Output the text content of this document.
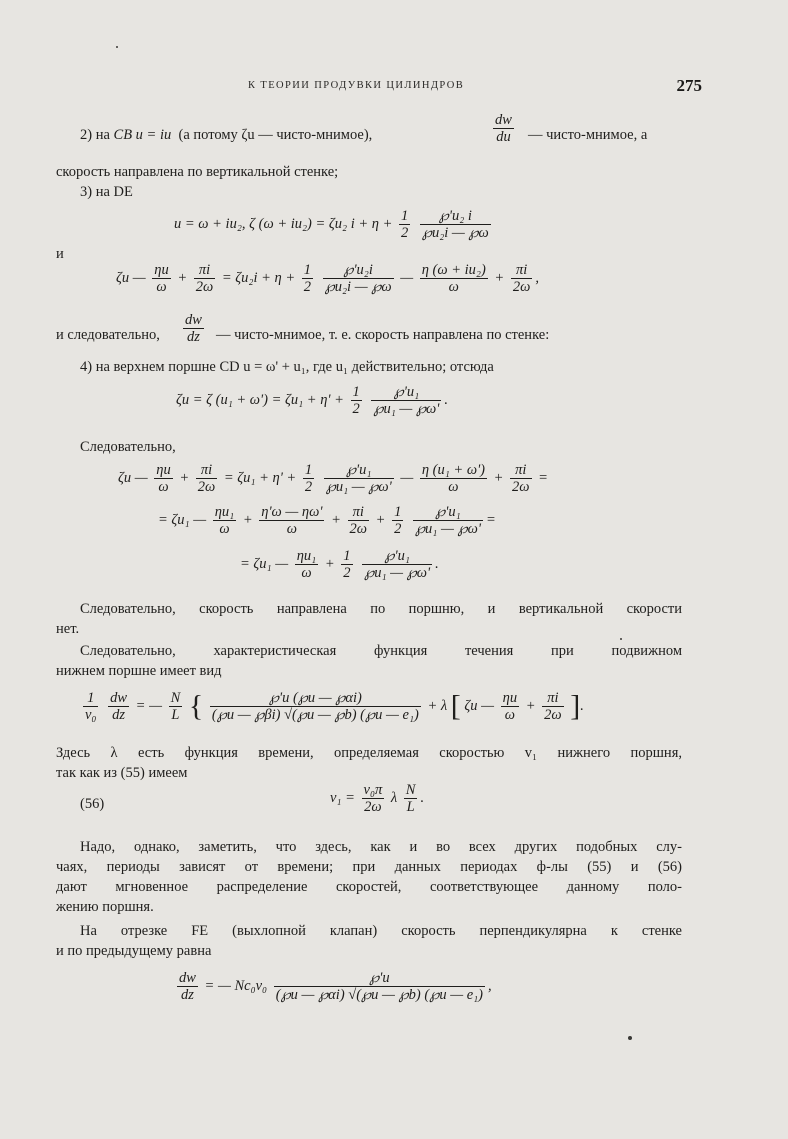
К ТЕОРИИ ПРОДУВКИ ЦИЛИНДРОВ	275
2) на CB u = iu (а потому ζu — чисто-мнимое),	$\frac{dw}{du}$ — чисто-мнимое, а
скорость направлена по вертикальной стенке;
3) на DE
u = ω + iu₂, ζ (ω + iu₂) = ζu₂ $i + \eta + \frac{1}{2}$
$\frac{\text{℘'u₂ i}}{\text{℘u₂i — ℘ω}}$
и
ζu — $\frac{\eta u}{\omega} + \frac{\pi i}{2\omega} = \zeta u_2i + \eta + \frac{1}{2}$
$\frac{\text{℘'u₂i}}{\text{℘u₂i — ℘ω}}$ — $\frac{\text{η (ω + iu₂)}}{\omega} + \frac{\pi i}{2\omega}$ ,
и следовательно, $\frac{dw}{dz}$ — чисто-мнимое, т. е. скорость направлена по стенке:
4) на верхнем поршне CD u = ω' + u₁, где u₁ действительно; отсюда
ζu = ζ $(u_1 + \omega') = \zeta u_1 + \eta' + \frac{1}{2}$
$\frac{\text{℘'u₁}}{\text{℘u₁ — ℘ω'}}$ .
Следовательно,
ζu — $\frac{\eta u}{\omega} + \frac{\pi i}{2\omega} = \zeta u_1 + \eta' + \frac{1}{2}$
$\frac{\text{℘'u₁}}{\text{℘u₁ — ℘ω'}}$ — $\frac{\text{η (u₁ + ω')}}{\omega} + \frac{\pi i}{2\omega}$ =
= ζu₁ — $\frac{\text{ηu₁}}{\omega} + \frac{\eta'\omega — \eta\omega'}{\omega} + \frac{\pi i}{2\omega} + \frac{1}{2}$
$\frac{\text{℘'u₁}}{\text{℘u₁ — ℘ω'}}$ =
= ζu₁ — $\frac{\text{ηu₁}}{\omega} + \frac{1}{2}$
$\frac{\text{℘'u₁}}{\text{℘u₁ — ℘ω'}}$ .
Следовательно, скорость направлена по поршню, и вертикальной скорости
нет.
Следовательно, характеристическая функция течения при подвижном
нижнем поршне имеет вид
$\frac{1}{\text{v₀}}$
$\frac{dw}{dz}$ = — $\frac{N}{L}$ { $\frac{℘'u (℘u — ℘\alpha i)}{\text{(℘u — ℘βi) √(℘u — ℘b) (℘u — e₁)}} + \lambda$ [ ζu — $\frac{\eta u}{\omega} + \frac{\pi i}{2\omega}$ ].
Здесь λ есть функция времени, определяемая скоростью v₁ нижнего поршня,
так как из (55) имеем
(56)	$v_1 = \frac{\text{v₀π}}{2\omega}$ λ $\frac{N}{L}$ .
Надо, однако, заметить, что здесь, как и во всех других подобных слу-
чаях, периоды зависят от времени; при данных периодах ф-лы (55) и (56)
дают мгновенное распределение скоростей, соответствующее данному поло-
жению поршня.
На отрезке FE (выхлопной клапан) скорость перпендикулярна к стенке
и по предыдущему равна
$\frac{dw}{dz}$ = — $Nc_0v_0 \frac{℘'u}{\text{(℘u — ℘αi) √(℘u — ℘b) (℘u — e₁)}}$ ,
